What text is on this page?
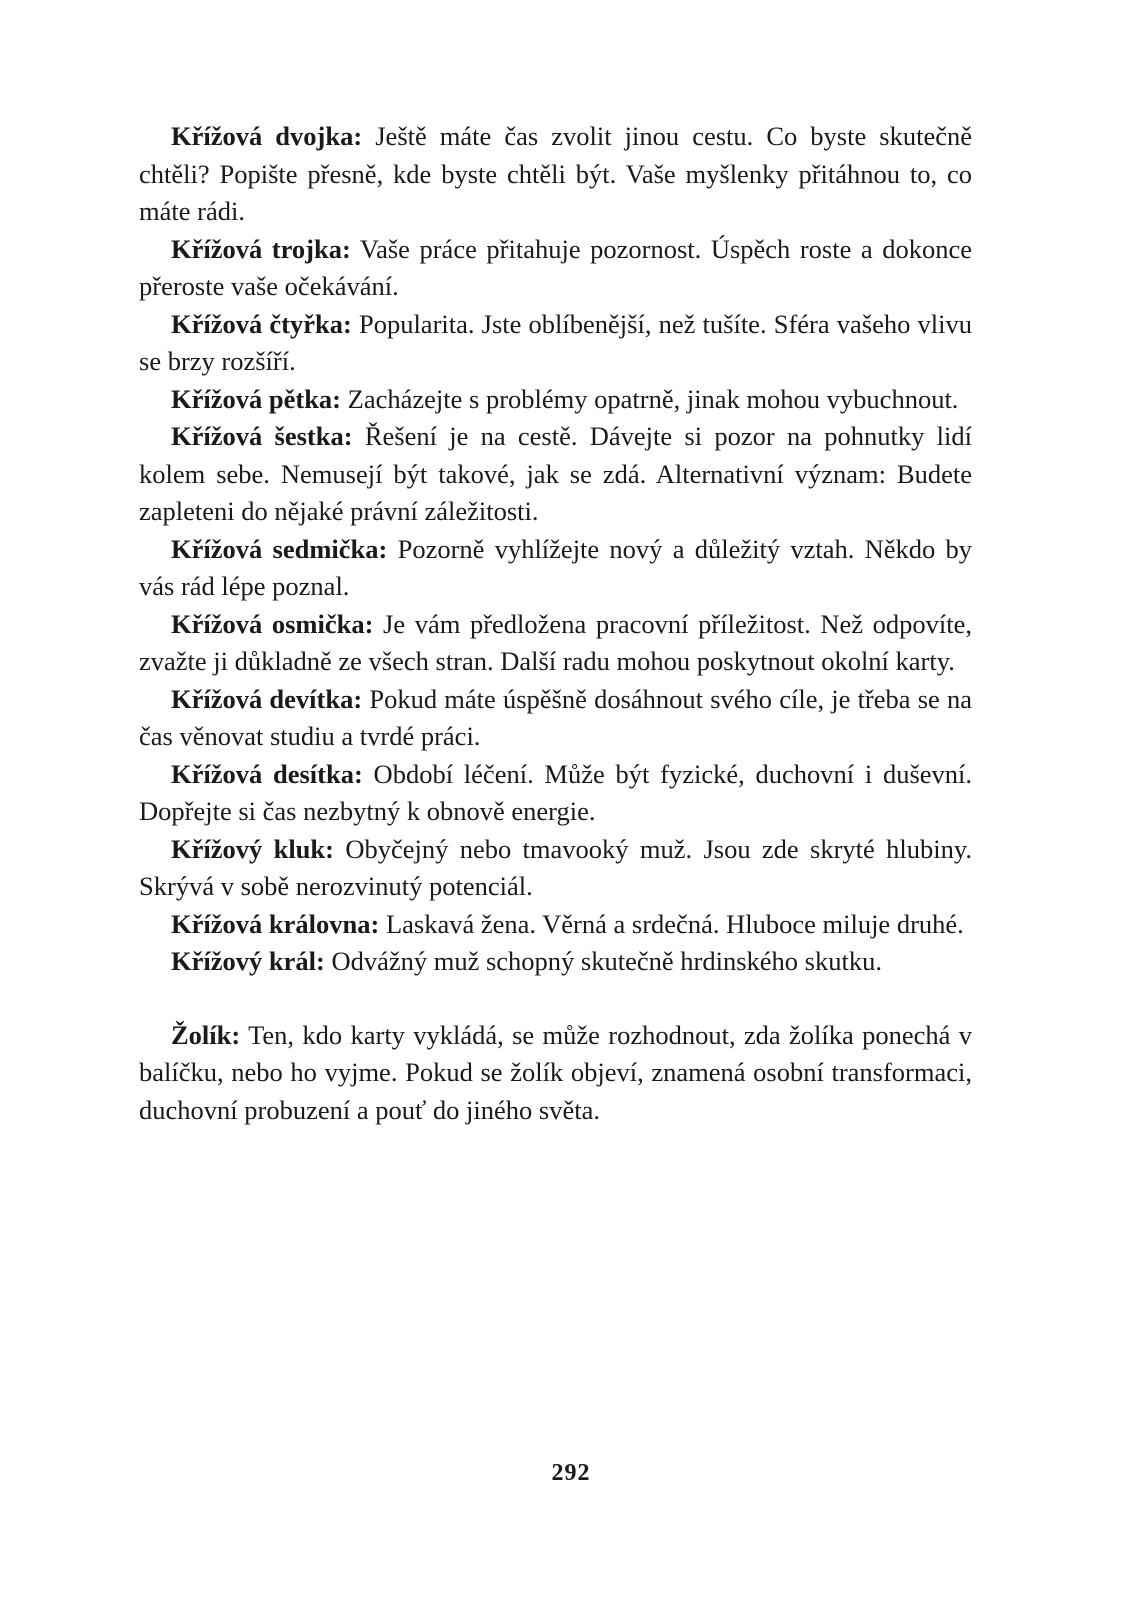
Křížová dvojka: Ještě máte čas zvolit jinou cestu. Co byste skutečně chtěli? Popište přesně, kde byste chtěli být. Vaše myšlenky přitáhnou to, co máte rádi.

Křížová trojka: Vaše práce přitahuje pozornost. Úspěch roste a dokonce přeroste vaše očekávání.

Křížová čtyřka: Popularita. Jste oblíbenější, než tušíte. Sféra vašeho vlivu se brzy rozšíří.

Křížová pětka: Zacházejte s problémy opatrně, jinak mohou vybuchnout.

Křížová šestka: Řešení je na cestě. Dávejte si pozor na pohnutky lidí kolem sebe. Nemusejí být takové, jak se zdá. Alternativní význam: Budete zapleteni do nějaké právní záležitosti.

Křížová sedmička: Pozorně vyhlížejte nový a důležitý vztah. Někdo by vás rád lépe poznal.

Křížová osmička: Je vám předložena pracovní příležitost. Než odpovíte, zvažte ji důkladně ze všech stran. Další radu mohou poskytnout okolní karty.

Křížová devítka: Pokud máte úspěšně dosáhnout svého cíle, je třeba se na čas věnovat studiu a tvrdé práci.

Křížová desítka: Období léčení. Může být fyzické, duchovní i duševní. Dopřejte si čas nezbytný k obnově energie.

Křížový kluk: Obyčejný nebo tmavooký muž. Jsou zde skryté hlubiny. Skrývá v sobě nerozvinutý potenciál.

Křížová královna: Laskavá žena. Věrná a srdečná. Hluboce miluje druhé.

Křížový král: Odvážný muž schopný skutečně hrdinského skutku.

Žolík: Ten, kdo karty vykládá, se může rozhodnout, zda žolíka ponechá v balíčku, nebo ho vyjme. Pokud se žolík objeví, znamená osobní transformaci, duchovní probuzení a pouť do jiného světa.

292
